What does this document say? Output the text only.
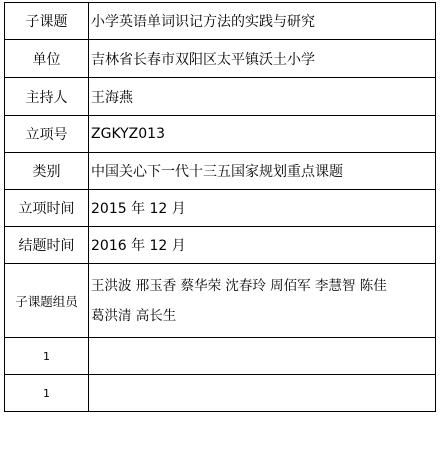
子课题	小学英语单词识记方法的实践与研究
单位	吉林省长春市双阳区太平镇沃土小学
主持人	王海燕
立项号	ZGKYZ013
类别	中国关心下一代十三五国家规划重点课题
立项时间	2015 年 12 月
结题时间	2016 年 12 月
子课题组员	王洪波 邢玉香 蔡华荣 沈春玲 周佰军 李慧智 陈佳
葛洪清 高长生

1	
1	
